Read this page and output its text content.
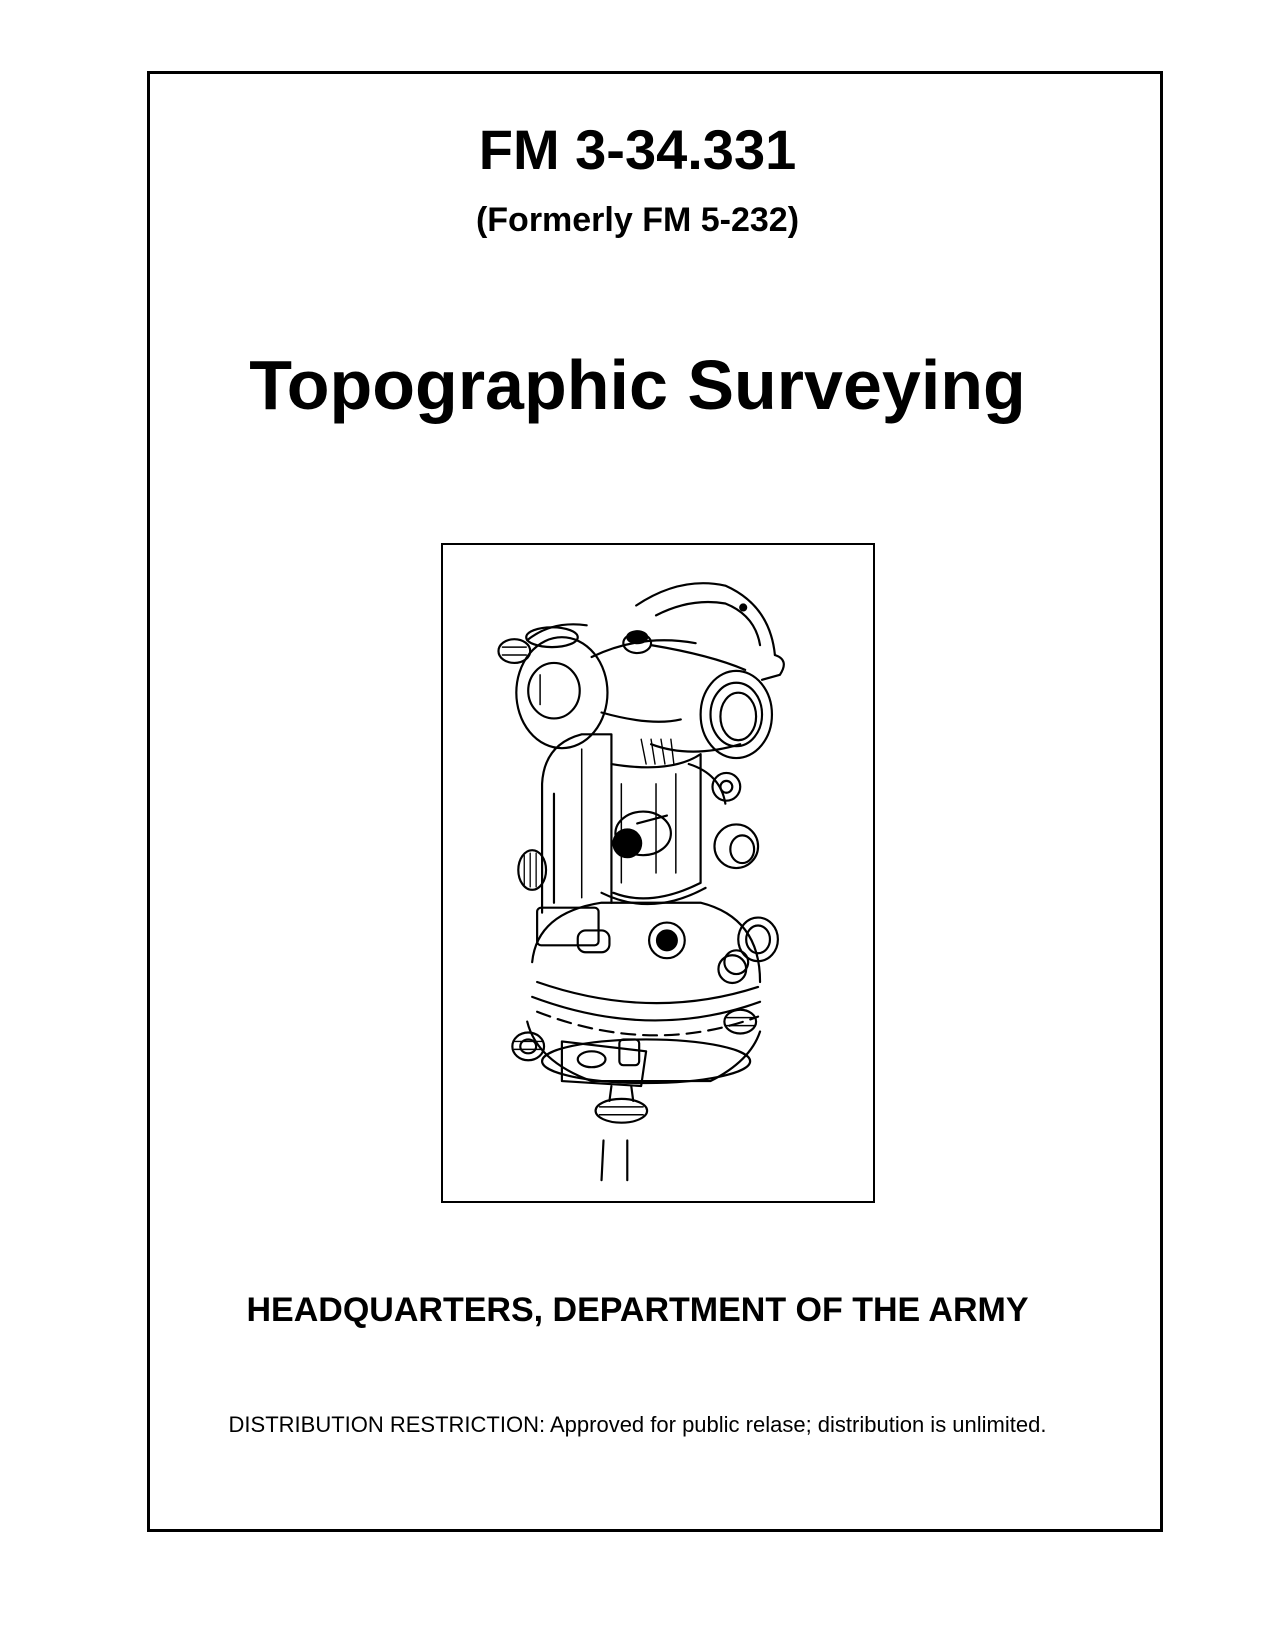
FM 3-34.331
(Formerly FM 5-232)
Topographic Surveying
HEADQUARTERS, DEPARTMENT OF THE ARMY
DISTRIBUTION RESTRICTION: Approved for public relase; distribution is unlimited.
